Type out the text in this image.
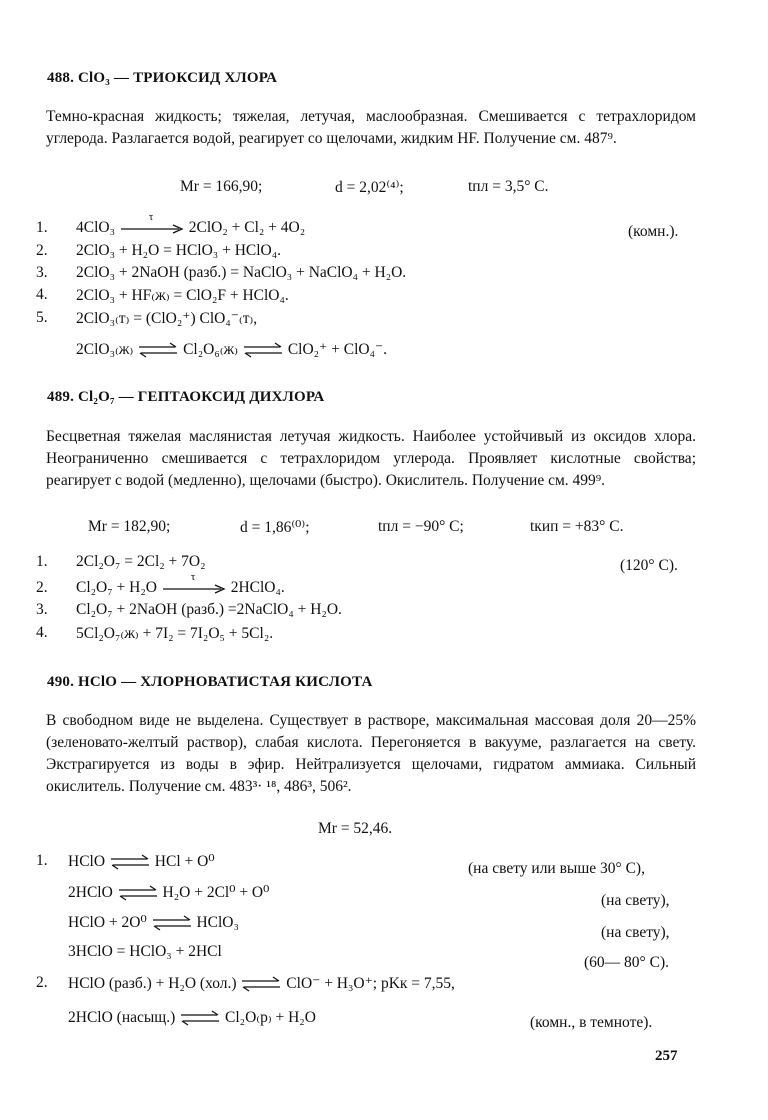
488. ClO₃ — ТРИОКСИД ХЛОРА
Темно-красная жидкость; тяжелая, летучая, маслообразная. Смешивается с тетрахлоридом углерода. Разлагается водой, реагирует со щелочами, жидким HF. Получение см. 487⁹.
Mr = 166,90;	d = 2,02⁽⁴⁾;	tпл = 3,5° С.
1. 4ClO₃
τ
2ClO₂ + Cl₂ + 4O₂	(комн.).
2. 2ClO₃ + H₂O = HClO₃ + HClO₄.
3. 2ClO₃ + 2NaOH (разб.) = NaClO₃ + NaClO₄ + H₂O.
4. 2ClO₃ + HF₍ж₎ = ClO₂F + HClO₄.
5. 2ClO₃₍т₎ = (ClO₂⁺) ClO₄⁻₍т₎,
2ClO₃₍ж₎ ⇌ Cl₂O₆₍ж₎ ⇌ ClO₂⁺ + ClO₄⁻.
489. Cl₂O₇ — ГЕПТАОКСИД ДИХЛОРА
Бесцветная тяжелая маслянистая летучая жидкость. Наиболее устойчивый из оксидов хлора. Неограниченно смешивается с тетрахлоридом углерода. Проявляет кислотные свойства; реагирует с водой (медленно), щелочами (быстро). Окислитель. Получение см. 499⁹.
Mr = 182,90;	d = 1,86⁽⁰⁾;	tпл = −90° С;	tкип = +83° С.
1. 2Cl₂O₇ = 2Cl₂ + 7O₂	(120° С).
2. Cl₂O₇ + H₂O
τ
2HClO₄.
3. Cl₂O₇ + 2NaOH (разб.) =2NaClO₄ + H₂O.
4. 5Cl₂O₇₍ж₎ + 7I₂ = 7I₂O₅ + 5Cl₂.
490. HClO — ХЛОРНОВАТИСТАЯ КИСЛОТА
В свободном виде не выделена. Существует в растворе, максимальная массовая доля 20—25% (зеленовато-желтый раствор), слабая кислота. Перегоняется в вакууме, разлагается на свету. Экстрагируется из воды в эфир. Нейтрализуется щелочами, гидратом аммиака. Сильный окислитель. Получение см. 483³· ¹⁸, 486³, 506².
Mr = 52,46.
1. HClO ⇌ HCl + O⁰	(на свету или выше 30° С),
2HClO ⇌ H₂O + 2Cl⁰ + O⁰	(на свету),
HClO + 2O⁰ ⇌ HClO₃
(на свету),
3HClO = HClO₃ + 2HCl
(60— 80° С).
2. HClO (разб.) + H₂O (хол.) ⇌ ClO⁻ + H₃O⁺; pKк = 7,55,
2HClO (насыщ.) ⇌ Cl₂O₍р₎ + H₂O	(комн., в темноте).
257
